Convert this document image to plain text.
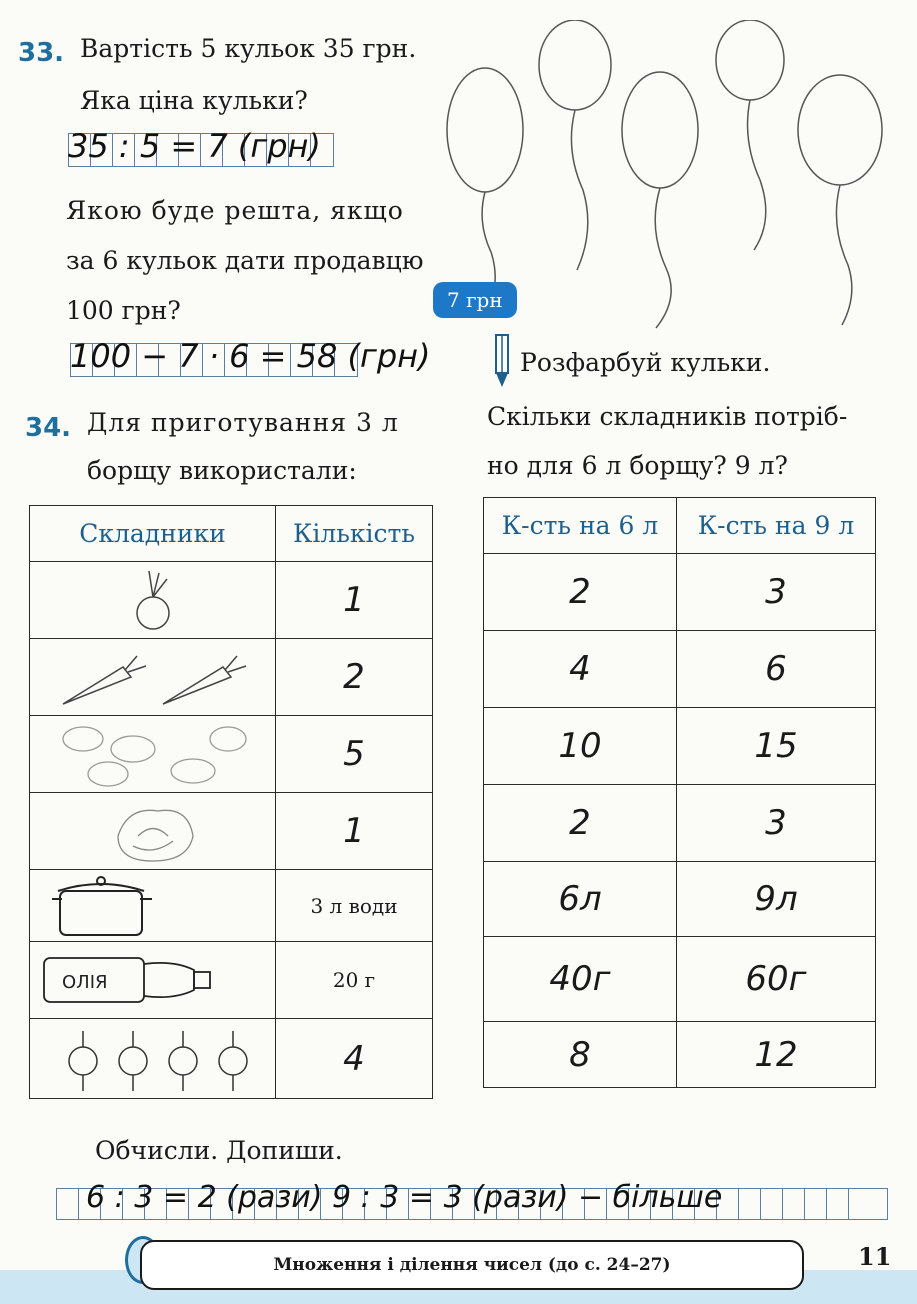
33. Вартість 5 кульок 35 грн.
Яка ціна кульки?
35 : 5 = 7 (грн)
Якою буде решта, якщо
за 6 кульок дати продавцю
100 грн?
100 − 7 · 6 = 58 (грн)
7 грн
Розфарбуй кульки.
34. Для приготування 3 л
борщу використали:
Скільки складників потріб-
но для 6 л борщу? 9 л?
Складники	Кількість

	1

	2

	5

	1

	3 л води

ОЛІЯ	20 г

	4
К-сть на 6 л	К-сть на 9 л
2	3
4	6
10	15
2	3
6л	9л
40г	60г
8	12
Обчисли. Допиши.
6 : 3 = 2 (рази) 9 : 3 = 3 (рази) − більше
Множення і ділення чисел (до с. 24–27)	11
